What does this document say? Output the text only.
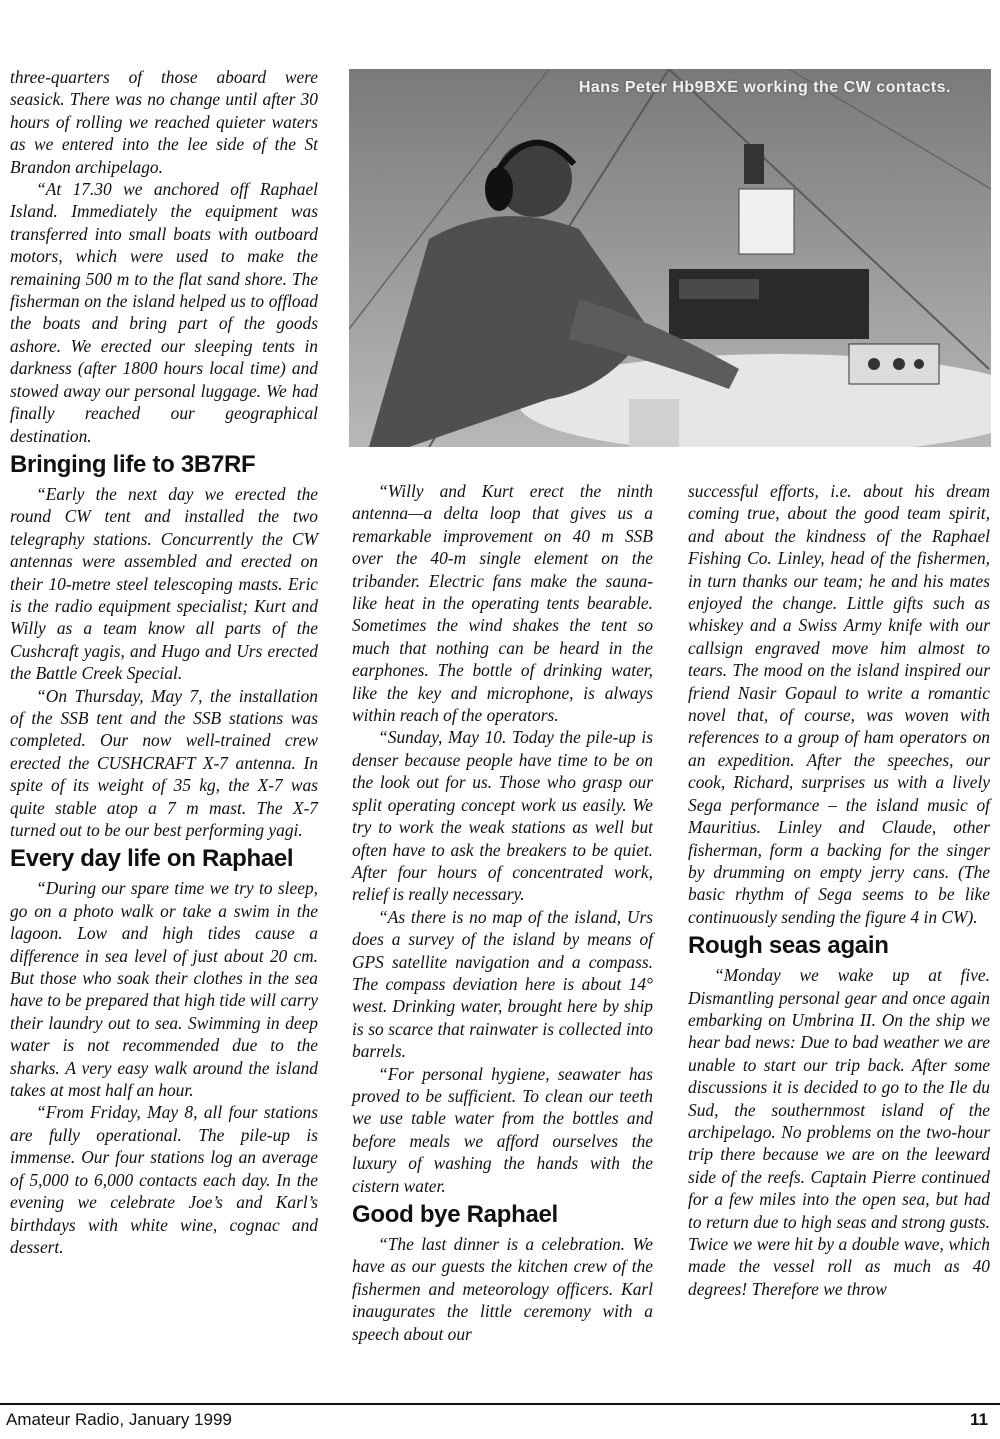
three-quarters of those aboard were seasick. There was no change until after 30 hours of rolling we reached quieter waters as we entered into the lee side of the St Brandon archipelago.

“At 17.30 we anchored off Raphael Island. Immediately the equipment was transferred into small boats with outboard motors, which were used to make the remaining 500 m to the flat sand shore. The fisherman on the island helped us to offload the boats and bring part of the goods ashore. We erected our sleeping tents in darkness (after 1800 hours local time) and stowed away our personal luggage. We had finally reached our geographical destination.

Bringing life to 3B7RF

“Early the next day we erected the round CW tent and installed the two telegraphy stations. Concurrently the CW antennas were assembled and erected on their 10-metre steel telescoping masts. Eric is the radio equipment specialist; Kurt and Willy as a team know all parts of the Cushcraft yagis, and Hugo and Urs erected the Battle Creek Special.

“On Thursday, May 7, the installation of the SSB tent and the SSB stations was completed. Our now well-trained crew erected the CUSHCRAFT X-7 antenna. In spite of its weight of 35 kg, the X-7 was quite stable atop a 7 m mast. The X-7 turned out to be our best performing yagi.

Every day life on Raphael

“During our spare time we try to sleep, go on a photo walk or take a swim in the lagoon. Low and high tides cause a difference in sea level of just about 20 cm. But those who soak their clothes in the sea have to be prepared that high tide will carry their laundry out to sea. Swimming in deep water is not recommended due to the sharks. A very easy walk around the island takes at most half an hour.

“From Friday, May 8, all four stations are fully operational. The pile-up is immense. Our four stations log an average of 5,000 to 6,000 contacts each day. In the evening we celebrate Joe’s and Karl’s birthdays with white wine, cognac and dessert.

Hans Peter Hb9BXE working the CW contacts.

“Willy and Kurt erect the ninth antenna—a delta loop that gives us a remarkable improvement on 40 m SSB over the 40-m single element on the tribander. Electric fans make the sauna-like heat in the operating tents bearable. Sometimes the wind shakes the tent so much that nothing can be heard in the earphones. The bottle of drinking water, like the key and microphone, is always within reach of the operators.

“Sunday, May 10. Today the pile-up is denser because people have time to be on the look out for us. Those who grasp our split operating concept work us easily. We try to work the weak stations as well but often have to ask the breakers to be quiet. After four hours of concentrated work, relief is really necessary.

“As there is no map of the island, Urs does a survey of the island by means of GPS satellite navigation and a compass. The compass deviation here is about 14° west. Drinking water, brought here by ship is so scarce that rainwater is collected into barrels.

“For personal hygiene, seawater has proved to be sufficient. To clean our teeth we use table water from the bottles and before meals we afford ourselves the luxury of washing the hands with the cistern water.

Good bye Raphael

“The last dinner is a celebration. We have as our guests the kitchen crew of the fishermen and meteorology officers. Karl inaugurates the little ceremony with a speech about our

successful efforts, i.e. about his dream coming true, about the good team spirit, and about the kindness of the Raphael Fishing Co. Linley, head of the fishermen, in turn thanks our team; he and his mates enjoyed the change. Little gifts such as whiskey and a Swiss Army knife with our callsign engraved move him almost to tears. The mood on the island inspired our friend Nasir Gopaul to write a romantic novel that, of course, was woven with references to a group of ham operators on an expedition. After the speeches, our cook, Richard, surprises us with a lively Sega performance – the island music of Mauritius. Linley and Claude, other fisherman, form a backing for the singer by drumming on empty jerry cans. (The basic rhythm of Sega seems to be like continuously sending the figure 4 in CW).

Rough seas again

“Monday we wake up at five. Dismantling personal gear and once again embarking on Umbrina II. On the ship we hear bad news: Due to bad weather we are unable to start our trip back. After some discussions it is decided to go to the Ile du Sud, the southernmost island of the archipelago. No problems on the two-hour trip there because we are on the leeward side of the reefs. Captain Pierre continued for a few miles into the open sea, but had to return due to high seas and strong gusts. Twice we were hit by a double wave, which made the vessel roll as much as 40 degrees! Therefore we throw

Amateur Radio, January 1999	11
